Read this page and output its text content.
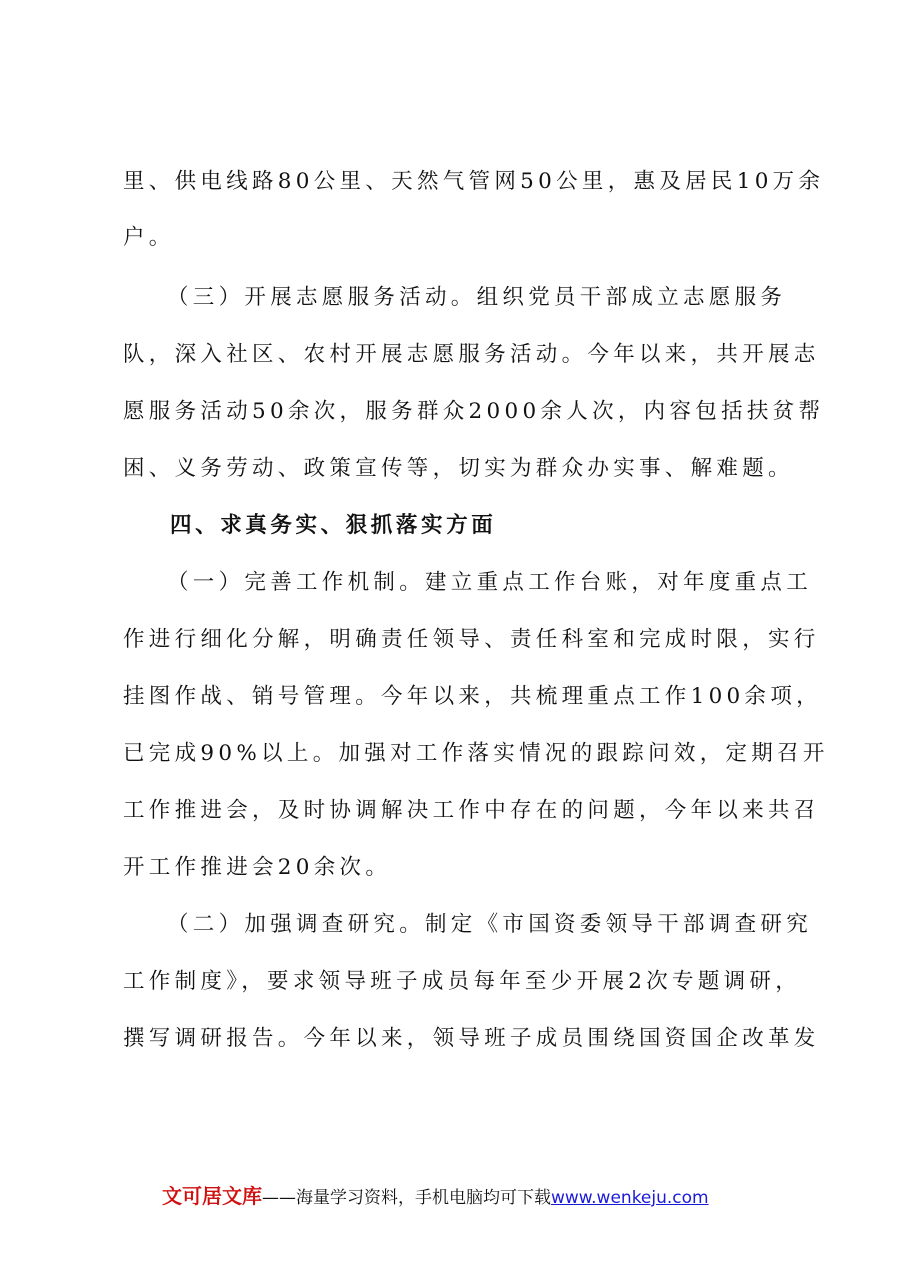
里、供电线路80公里、天然气管网50公里，惠及居民10万余
户。
（三）开展志愿服务活动。组织党员干部成立志愿服务
队，深入社区、农村开展志愿服务活动。今年以来，共开展志
愿服务活动50余次，服务群众2000余人次，内容包括扶贫帮
困、义务劳动、政策宣传等，切实为群众办实事、解难题。
四、求真务实、狠抓落实方面
（一）完善工作机制。建立重点工作台账，对年度重点工
作进行细化分解，明确责任领导、责任科室和完成时限，实行
挂图作战、销号管理。今年以来，共梳理重点工作100余项，
已完成90%以上。加强对工作落实情况的跟踪问效，定期召开
工作推进会，及时协调解决工作中存在的问题，今年以来共召
开工作推进会20余次。
（二）加强调查研究。制定《市国资委领导干部调查研究
工作制度》，要求领导班子成员每年至少开展2次专题调研，
撰写调研报告。今年以来，领导班子成员围绕国资国企改革发
文可居文库——海量学习资料，手机电脑均可下载www.wenkeju.com
